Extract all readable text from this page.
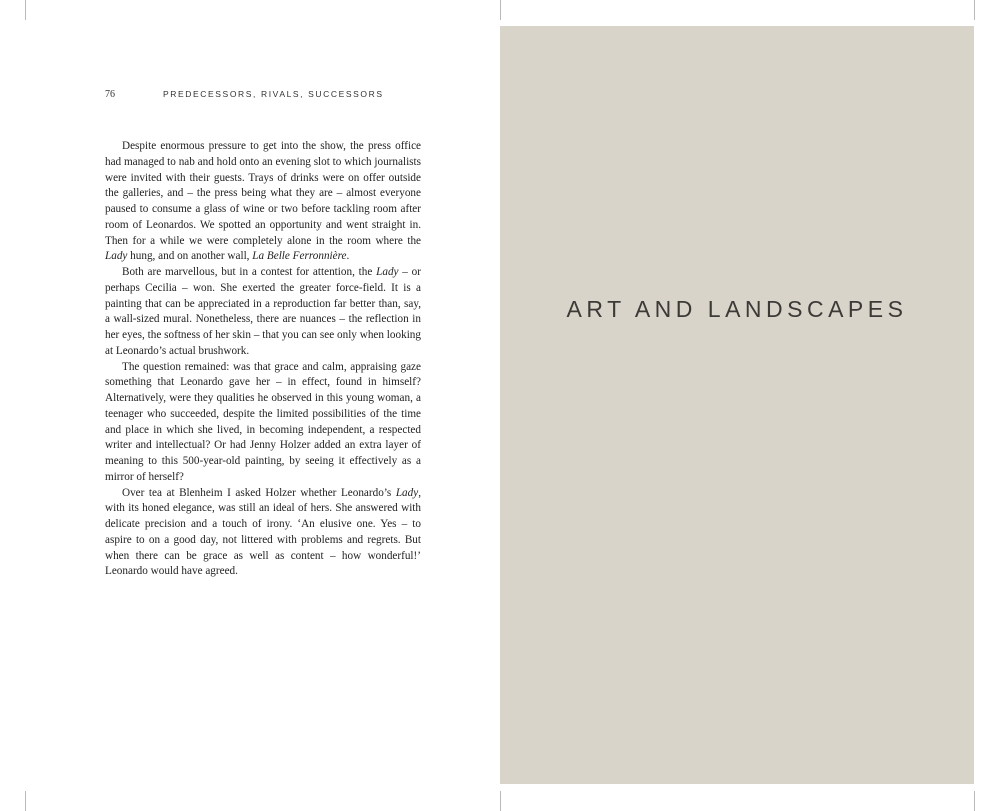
76	PREDECESSORS, RIVALS, SUCCESSORS

Despite enormous pressure to get into the show, the press office had managed to nab and hold onto an evening slot to which journalists were invited with their guests. Trays of drinks were on offer outside the galleries, and – the press being what they are – almost everyone paused to consume a glass of wine or two before tackling room after room of Leonardos. We spotted an opportunity and went straight in. Then for a while we were completely alone in the room where the Lady hung, and on another wall, La Belle Ferronnière.

Both are marvellous, but in a contest for attention, the Lady – or perhaps Cecilia – won. She exerted the greater force-field. It is a painting that can be appreciated in a reproduction far better than, say, a wall-sized mural. Nonetheless, there are nuances – the reflection in her eyes, the softness of her skin – that you can see only when looking at Leonardo’s actual brushwork.

The question remained: was that grace and calm, appraising gaze something that Leonardo gave her – in effect, found in himself? Alternatively, were they qualities he observed in this young woman, a teenager who succeeded, despite the limited possibilities of the time and place in which she lived, in becoming independent, a respected writer and intellectual? Or had Jenny Holzer added an extra layer of meaning to this 500-year-old painting, by seeing it effectively as a mirror of herself?

Over tea at Blenheim I asked Holzer whether Leonardo’s Lady, with its honed elegance, was still an ideal of hers. She answered with delicate precision and a touch of irony. ‘An elusive one. Yes – to aspire to on a good day, not littered with problems and regrets. But when there can be grace as well as content – how wonderful!’ Leonardo would have agreed.

ART AND LANDSCAPES
